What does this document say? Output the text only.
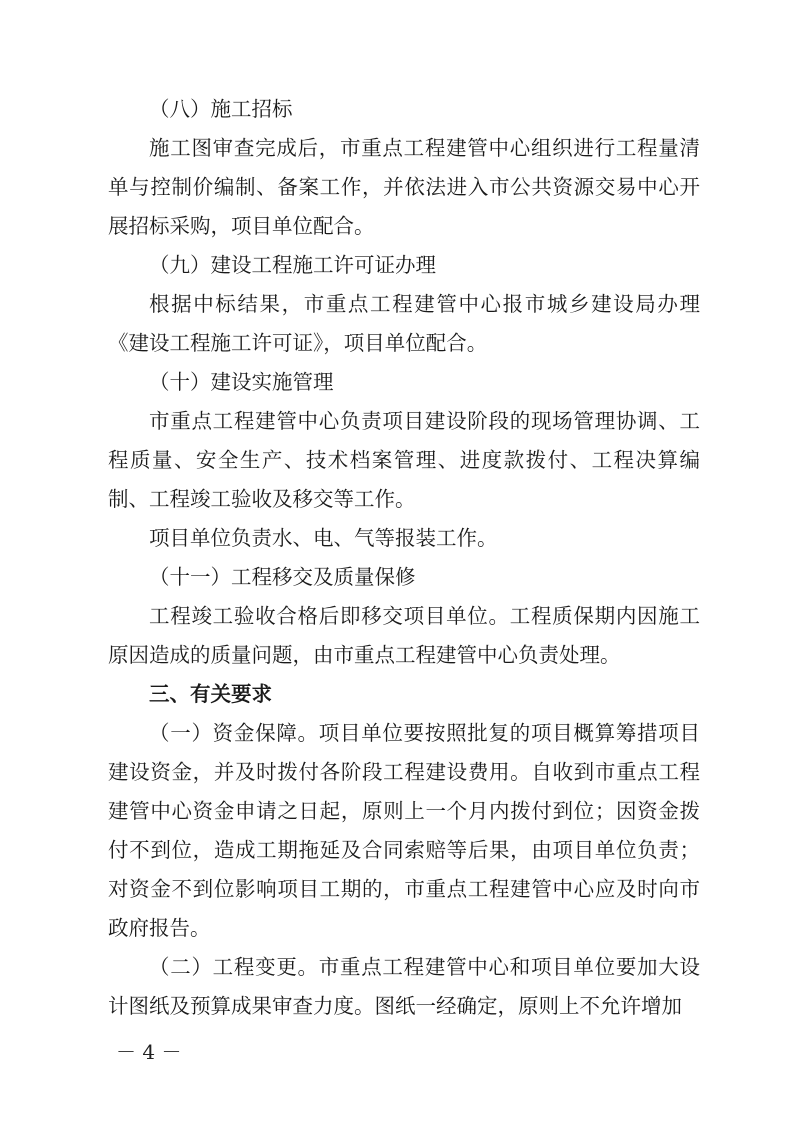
（八）施工招标

施工图审查完成后，市重点工程建管中心组织进行工程量清单与控制价编制、备案工作，并依法进入市公共资源交易中心开展招标采购，项目单位配合。

（九）建设工程施工许可证办理

根据中标结果，市重点工程建管中心报市城乡建设局办理《建设工程施工许可证》，项目单位配合。

（十）建设实施管理

市重点工程建管中心负责项目建设阶段的现场管理协调、工程质量、安全生产、技术档案管理、进度款拨付、工程决算编制、工程竣工验收及移交等工作。

项目单位负责水、电、气等报装工作。

（十一）工程移交及质量保修

工程竣工验收合格后即移交项目单位。工程质保期内因施工原因造成的质量问题，由市重点工程建管中心负责处理。

三、有关要求

（一）资金保障。项目单位要按照批复的项目概算筹措项目建设资金，并及时拨付各阶段工程建设费用。自收到市重点工程建管中心资金申请之日起，原则上一个月内拨付到位；因资金拨付不到位，造成工期拖延及合同索赔等后果，由项目单位负责；对资金不到位影响项目工期的，市重点工程建管中心应及时向市政府报告。

（二）工程变更。市重点工程建管中心和项目单位要加大设计图纸及预算成果审查力度。图纸一经确定，原则上不允许增加

－ 4 －
